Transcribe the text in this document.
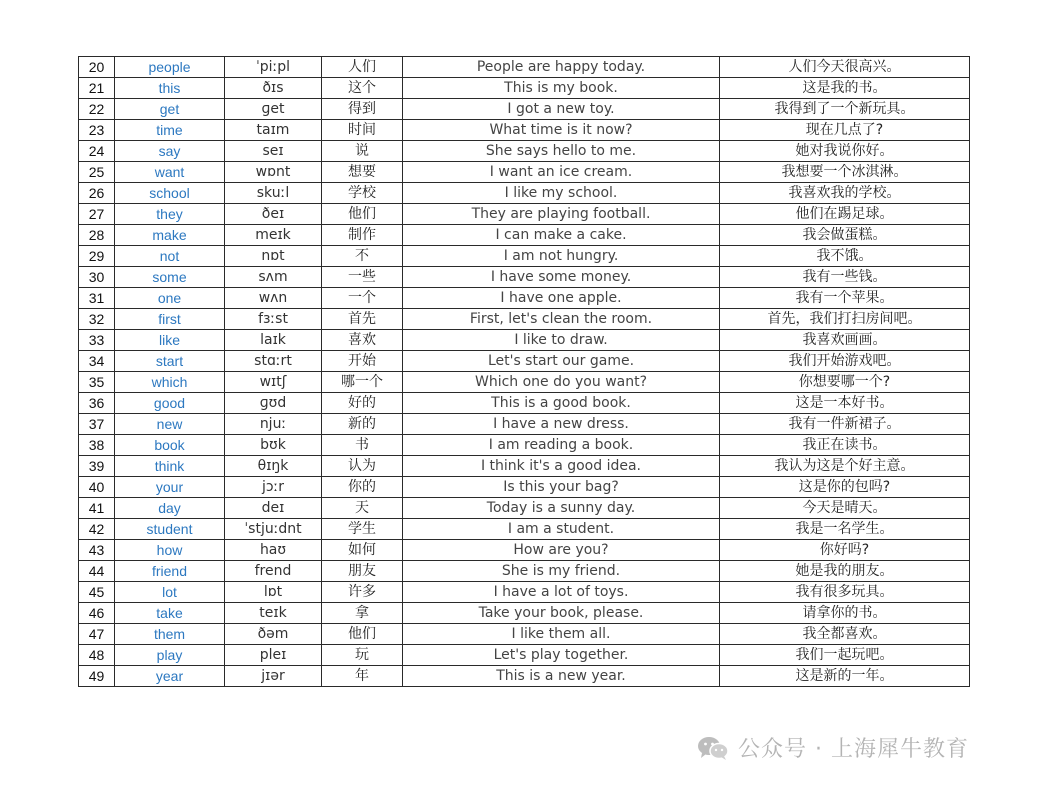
20	people	ˈpiːpl	人们	People are happy today.	人们今天很高兴。
21	this	ðɪs	这个	This is my book.	这是我的书。
22	get	ɡet	得到	I got a new toy.	我得到了一个新玩具。
23	time	taɪm	时间	What time is it now?	现在几点了?
24	say	seɪ	说	She says hello to me.	她对我说你好。
25	want	wɒnt	想要	I want an ice cream.	我想要一个冰淇淋。
26	school	skuːl	学校	I like my school.	我喜欢我的学校。
27	they	ðeɪ	他们	They are playing football.	他们在踢足球。
28	make	meɪk	制作	I can make a cake.	我会做蛋糕。
29	not	nɒt	不	I am not hungry.	我不饿。
30	some	sʌm	一些	I have some money.	我有一些钱。
31	one	wʌn	一个	I have one apple.	我有一个苹果。
32	first	fɜːst	首先	First, let's clean the room.	首先，我们打扫房间吧。
33	like	laɪk	喜欢	I like to draw.	我喜欢画画。
34	start	stɑːrt	开始	Let's start our game.	我们开始游戏吧。
35	which	wɪtʃ	哪一个	Which one do you want?	你想要哪一个?
36	good	ɡʊd	好的	This is a good book.	这是一本好书。
37	new	njuː	新的	I have a new dress.	我有一件新裙子。
38	book	bʊk	书	I am reading a book.	我正在读书。
39	think	θɪŋk	认为	I think it's a good idea.	我认为这是个好主意。
40	your	jɔːr	你的	Is this your bag?	这是你的包吗?
41	day	deɪ	天	Today is a sunny day.	今天是晴天。
42	student	ˈstjuːdnt	学生	I am a student.	我是一名学生。
43	how	haʊ	如何	How are you?	你好吗?
44	friend	frend	朋友	She is my friend.	她是我的朋友。
45	lot	lɒt	许多	I have a lot of toys.	我有很多玩具。
46	take	teɪk	拿	Take your book, please.	请拿你的书。
47	them	ðəm	他们	I like them all.	我全都喜欢。
48	play	pleɪ	玩	Let's play together.	我们一起玩吧。
49	year	jɪər	年	This is a new year.	这是新的一年。
公众号 · 上海犀牛教育
